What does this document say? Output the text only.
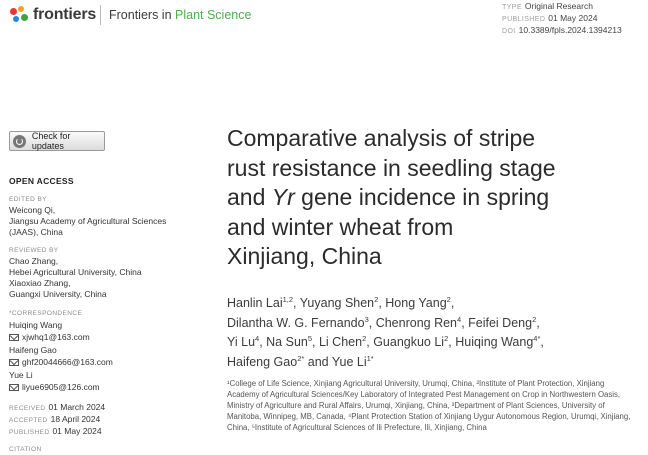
frontiers Frontiers in Plant Science
TYPE Original Research
PUBLISHED 01 May 2024
DOI 10.3389/fpls.2024.1394213
Check for updates
OPEN ACCESS
EDITED BY
Weicong Qi,
Jiangsu Academy of Agricultural Sciences
(JAAS), China
REVIEWED BY
Chao Zhang,
Hebei Agricultural University, China
Xiaoxiao Zhang,
Guangxi University, China
*CORRESPONDENCE
Huiqing Wang
xjwhq1@163.com
Haifeng Gao
ghf20044666@163.com
Yue Li
liyue6905@126.com
RECEIVED 01 March 2024
ACCEPTED 18 April 2024
PUBLISHED 01 May 2024
CITATION
Comparative analysis of stripe
rust resistance in seedling stage
and Yr gene incidence in spring
and winter wheat from
Xinjiang, China
Hanlin Lai$^{1,2}$, Yuyang Shen$^2$, Hong Yang$^2$,
Dilantha W. G. Fernando$^3$, Chenrong Ren$^4$, Feifei Deng$^2$,
Yi Lu$^4$, Na Sun$^5$, Li Chen$^2$, Guangkuo Li$^2$, Huiqing Wang$^{4*}$,
Haifeng Gao$^{2*}$ and Yue $Li^{1*}$
¹College of Life Science, Xinjiang Agricultural University, Urumqi, China, ²Institute of Plant Protection, Xinjiang Academy of Agricultural Sciences/Key Laboratory of Integrated Pest Management on Crop in Northwestern Oasis, Ministry of Agriculture and Rural Affairs, Urumqi, Xinjiang, China, ³Department of Plant Sciences, University of Manitoba, Winnipeg, MB, Canada, ⁴Plant Protection Station of Xinjiang Uygur Autonomous Region, Urumqi, Xinjiang, China, ⁵Institute of Agricultural Sciences of Ili Prefecture, Ili, Xinjiang, China
